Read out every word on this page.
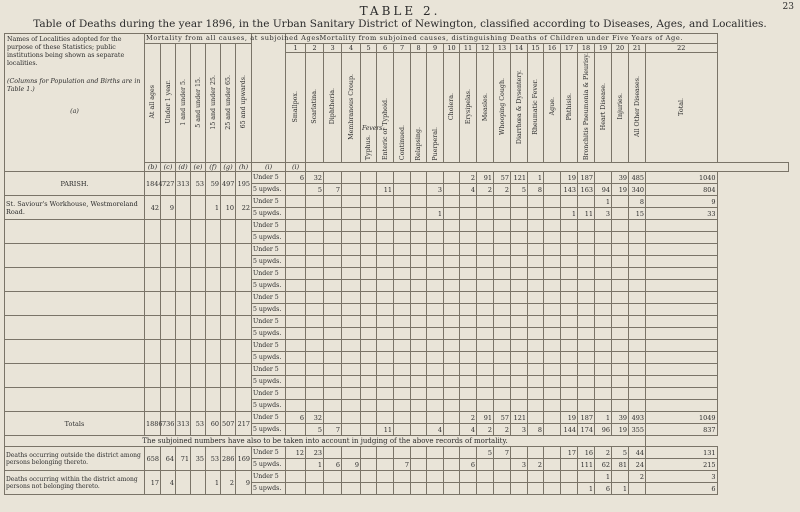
23
TABLE 2.
Table of Deaths during the year 1896, in the Urban Sanitary District of Newington, classified according to Diseases, Ages, and Localities.
Names of Localities adopted for the purpose of these Statistics; public institutions being shown as separate localities.
(Columns for Population and Births are in Table 1.)
(a)	Mortality from all causes, at subjoined Ages.								Mortality from subjoined causes, distinguishing Deaths of Children under Five Years of Age.																					
	At all ages	Under 1 year.	1 and under 5.	5 and under 15.	15 and under 25.	25 and under 65.	65 and upwards.		1	2	3	4	5	6	7	8	9	10	11	12	13	14	15	16	17	18	19	20	21	22
									Smallpox.	Scarlatina.	Diphtheria.	Membranous Croup.	Fevers.
Typhus.	Enteric or Typhoid.	Continued.	Relapsing.	Puerperal.	Cholera.	Erysipelas.	Measles.	Whooping Cough.	Diarrhœa & Dysentery.	Rheumatic Fever.	Ague.	Phthisis.	Bronchitis Pneumonia & Pleurisy.	Heart Disease.	Injuries.	All Other Diseases.	Total.
	(b)	(c)	(d)	(e)	(f)	(g)	(h)	(i)	(i)																					
PARISH.	1844	727	313	53	59	497	195	Under 5	6	32									2	91	57	121	1		19	187		39	485	1040
								5 upwds.		5	7			11			3		4	2	2	5	8		143	163	94	19	340	804
St. Saviour's Workhouse, Westmoreland Road.	42	9			1	10	22	Under 5																			1		8	9
								5 upwds.									1								1	11	3		15	33
								Under 5																						
								5 upwds.																						
								Under 5																						
								5 upwds.																						
								Under 5																						
								5 upwds.																						
								Under 5																						
								5 upwds.																						
								Under 5																						
								5 upwds.																						
								Under 5																						
								5 upwds.																						
								Under 5																						
								5 upwds.																						
								Under 5																						
								5 upwds.																						
Totals	1886	736	313	53	60	507	217	Under 5	6	32									2	91	57	121			19	187	1	39	493	1049
								5 upwds.		5	7			11			4		4	2	2	3	8		144	174	96	19	355	837
The subjoined numbers have also to be taken into account in judging of the above records of mortality.																														
Deaths occurring outside the district among persons belonging thereto.	658	64	71	35	53	286	169	Under 5	12	23										5	7				17	16	2	5	44	131
								5 upwds.		1	6	9			7				6			3	2			111	62	81	24	215
Deaths occurring within the district among persons not belonging thereto.	17	4			1	2	9	Under 5																			1		2	3
								5 upwds.																		1	6	1		6
